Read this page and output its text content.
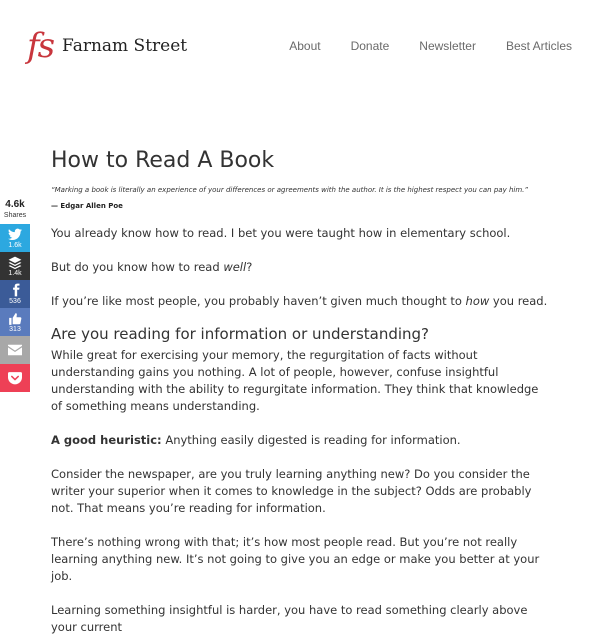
fs Farnam Street	About	Donate	Newsletter	Best Articles
4.6k
Shares
1.6k
1.4k
536
313
How to Read A Book

“Marking a book is literally an experience of your differences or agreements with the author. It is the highest respect you can pay him.”

— Edgar Allen Poe

You already know how to read. I bet you were taught how in elementary school.

But do you know how to read well?

If you’re like most people, you probably haven’t given much thought to how you read.

Are you reading for information or understanding?

While great for exercising your memory, the regurgitation of facts without understanding gains you nothing. A lot of people, however, confuse insightful understanding with the ability to regurgitate information. They think that knowledge of something means understanding.

A good heuristic: Anything easily digested is reading for information.

Consider the newspaper, are you truly learning anything new? Do you consider the writer your superior when it comes to knowledge in the subject? Odds are probably not. That means you’re reading for information.

There’s nothing wrong with that; it’s how most people read. But you’re not really learning anything new. It’s not going to give you an edge or make you better at your job.

Learning something insightful is harder, you have to read something clearly above your current
